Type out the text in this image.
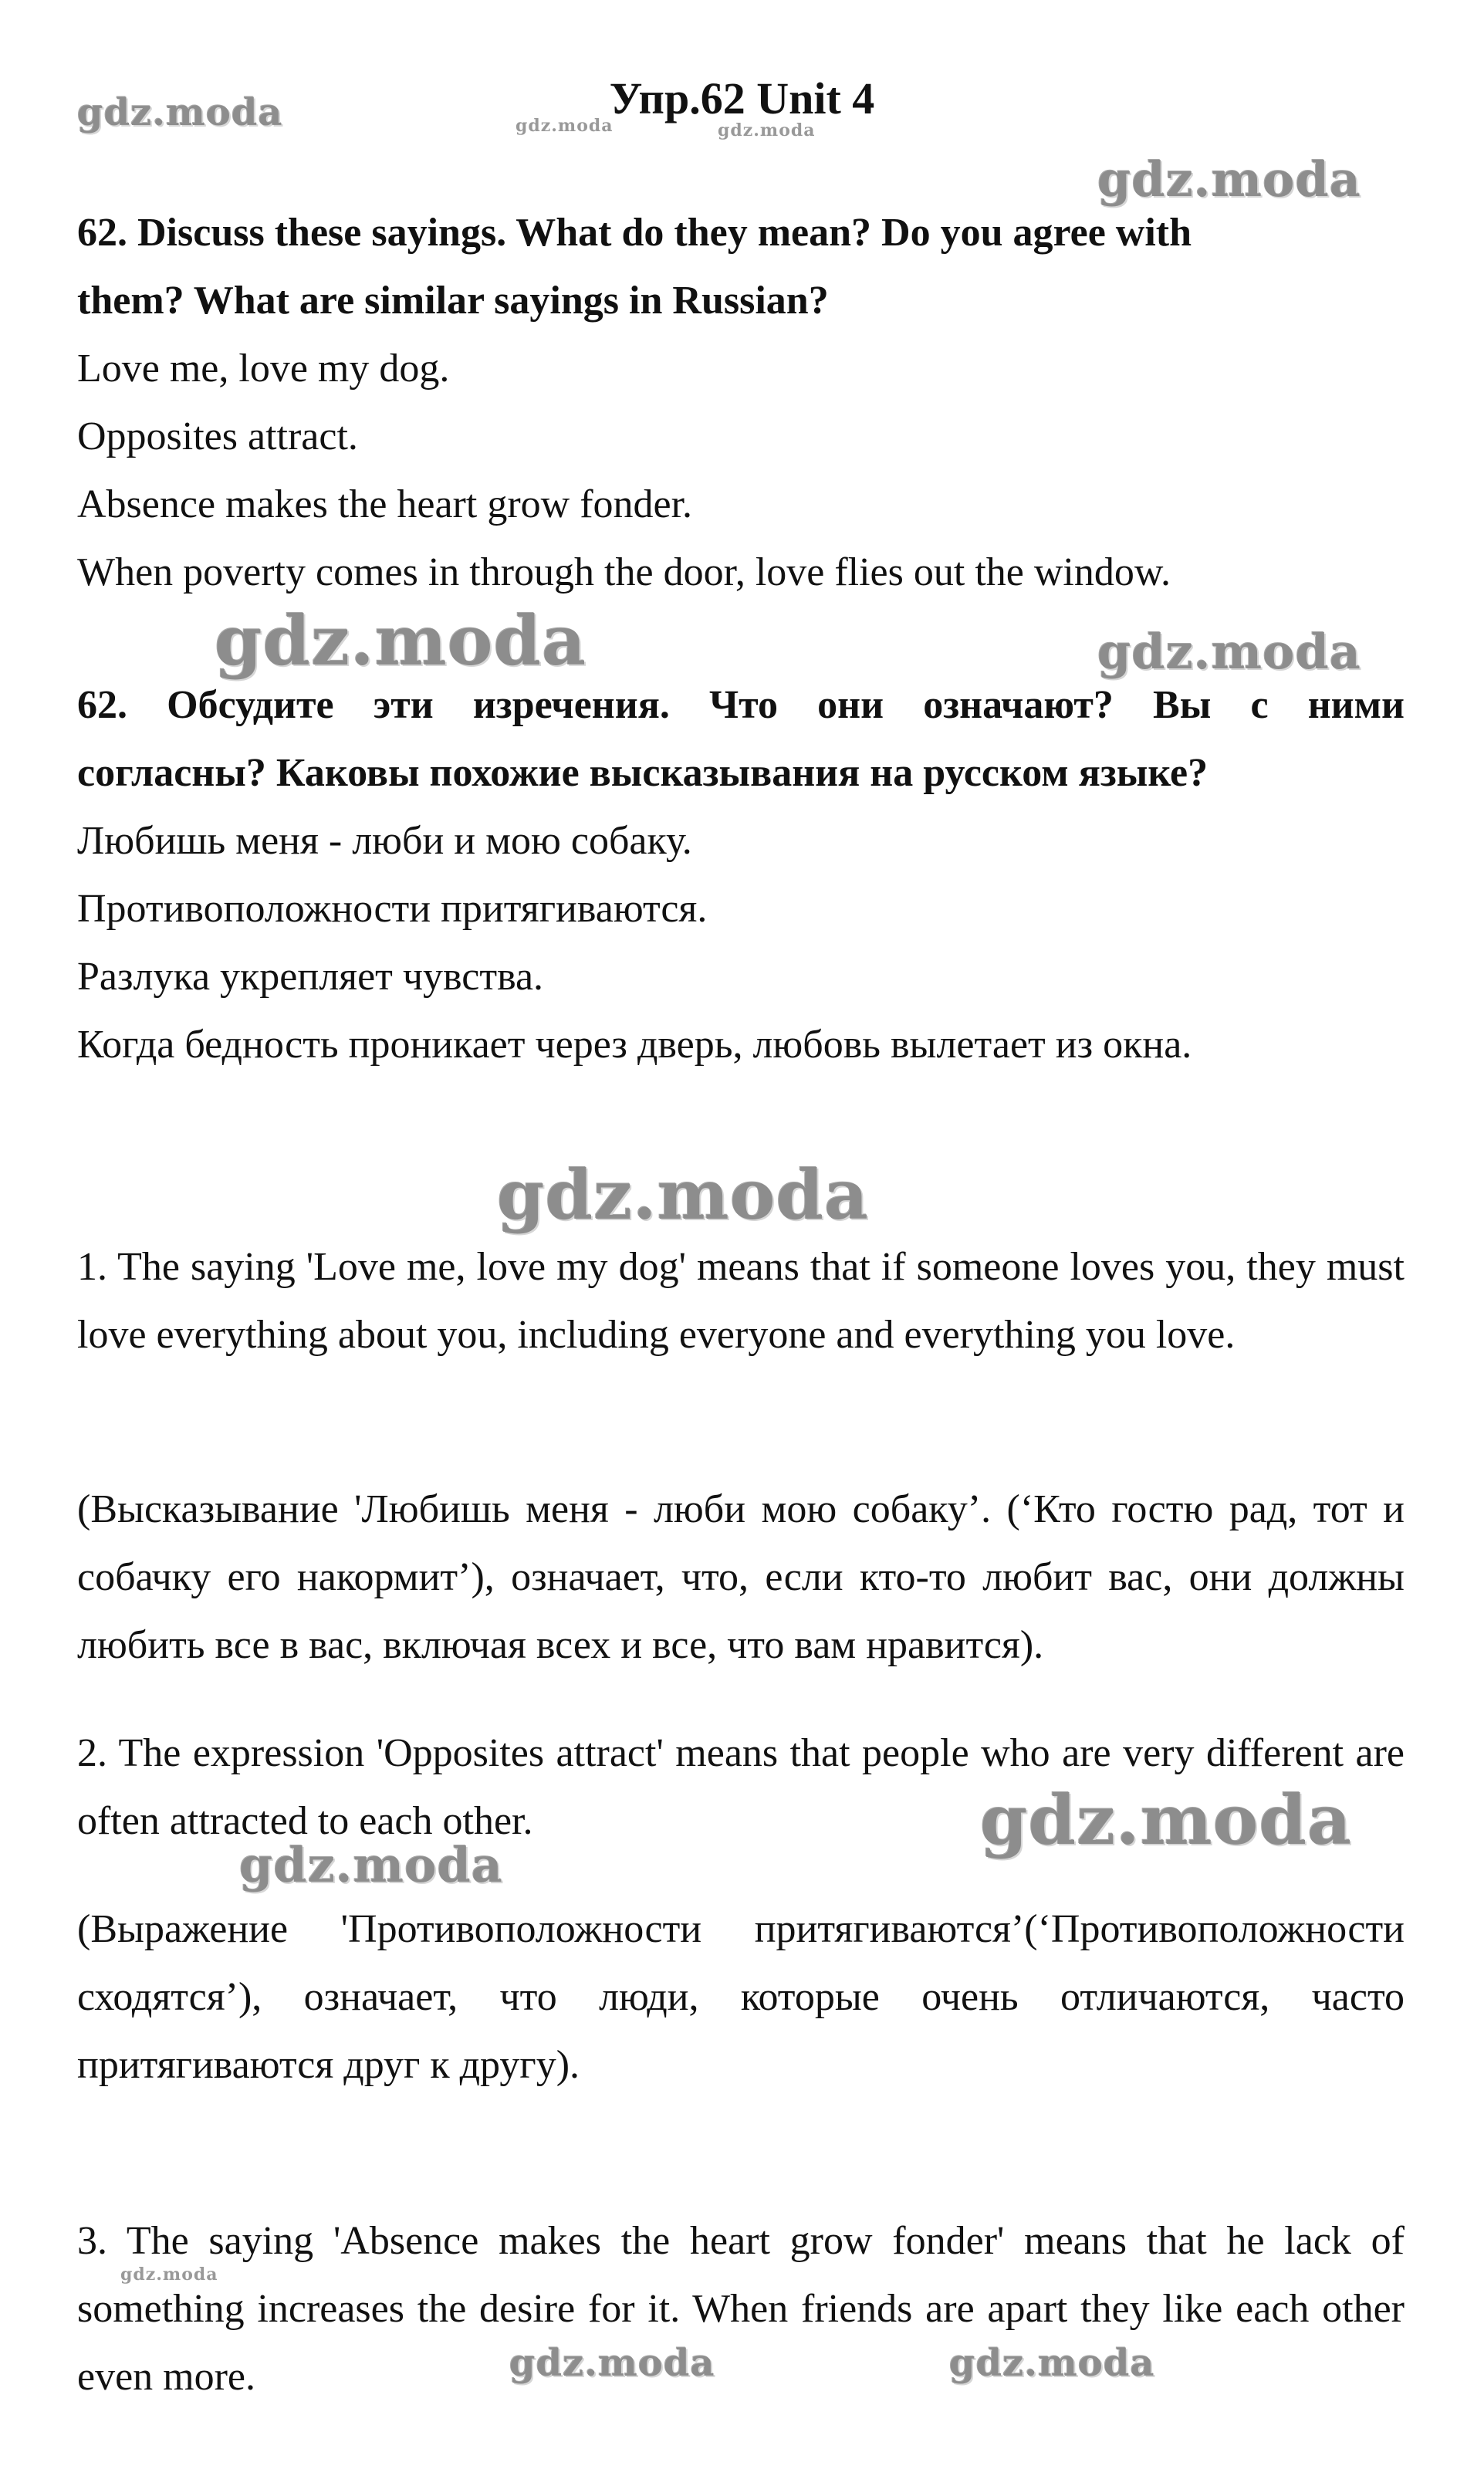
gdz.moda	gdz.moda	gdz.moda
gdz.moda
gdz.moda	gdz.moda
gdz.moda
gdz.moda
gdz.moda
gdz.moda
gdz.moda	gdz.moda
Упр.62 Unit 4
62. Discuss these sayings. What do they mean? Do you agree with
them? What are similar sayings in Russian?
Love me, love my dog.
Opposites attract.
Absence makes the heart grow fonder.
When poverty comes in through the door, love flies out the window.
62. Обсудите эти изречения. Что они означают? Вы с ними
согласны? Каковы похожие высказывания на русском языке?
Любишь меня - люби и мою собаку.
Противоположности притягиваются.
Разлука укрепляет чувства.
Когда бедность проникает через дверь, любовь вылетает из окна.
1. The saying 'Love me, love my dog' means that if someone loves you, they must love everything about you, including everyone and everything you love.
(Высказывание 'Любишь меня - люби мою собаку’. (‘Кто гостю рад, тот и собачку его накормит’), означает, что, если кто-то любит вас, они должны любить все в вас, включая всех и все, что вам нравится).
2. The expression 'Opposites attract' means that people who are very different are often attracted to each other.
(Выражение 'Противоположности притягиваются’(‘Противоположности сходятся’), означает, что люди, которые очень отличаются, часто притягиваются друг к другу).
3. The saying 'Absence makes the heart grow fonder' means that he lack of something increases the desire for it. When friends are apart they like each other even more.
